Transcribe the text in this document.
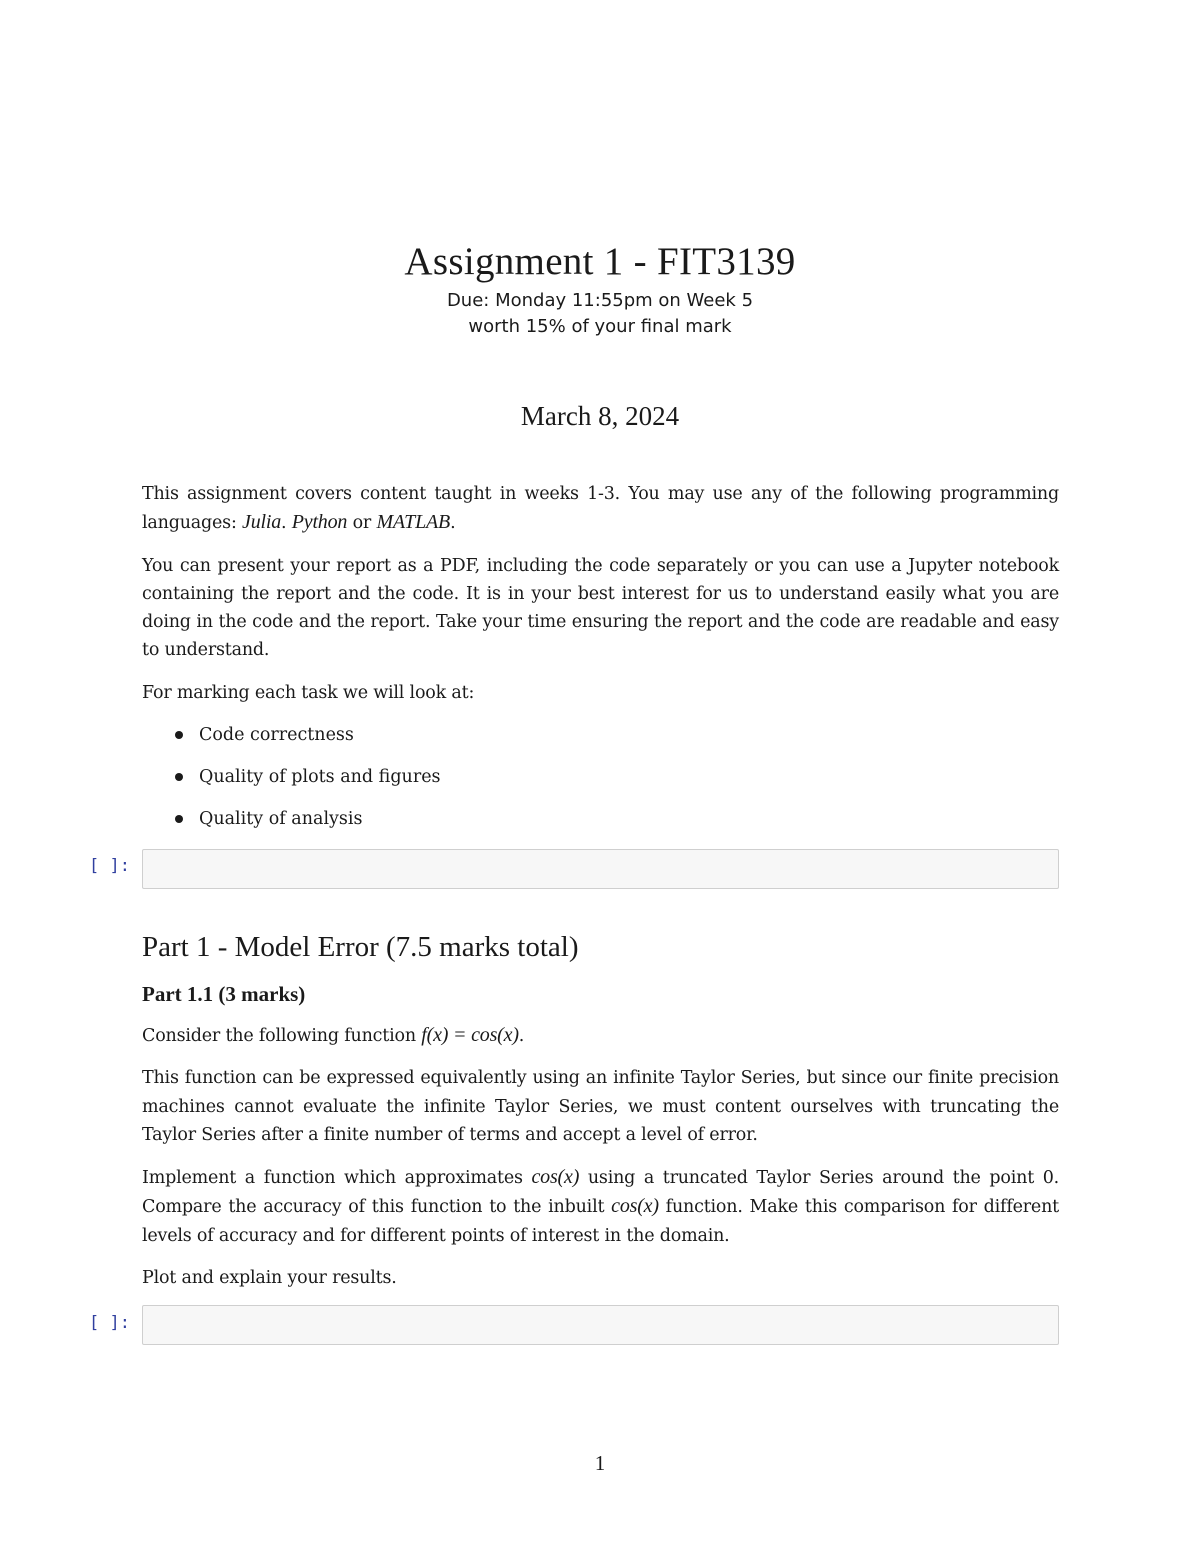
Assignment 1 - FIT3139
Due: Monday 11:55pm on Week 5
worth 15% of your final mark
March 8, 2024

This assignment covers content taught in weeks 1-3. You may use any of the following programming languages: Julia. Python or MATLAB.

You can present your report as a PDF, including the code separately or you can use a Jupyter notebook containing the report and the code. It is in your best interest for us to understand easily what you are doing in the code and the report. Take your time ensuring the report and the code are readable and easy to understand.

For marking each task we will look at:

Code correctness
Quality of plots and figures
Quality of analysis
[ ]:
Part 1 - Model Error (7.5 marks total)
Part 1.1 (3 marks)

Consider the following function f(x) = cos(x).

This function can be expressed equivalently using an infinite Taylor Series, but since our finite precision machines cannot evaluate the infinite Taylor Series, we must content ourselves with truncating the Taylor Series after a finite number of terms and accept a level of error.

Implement a function which approximates cos(x) using a truncated Taylor Series around the point 0. Compare the accuracy of this function to the inbuilt cos(x) function. Make this comparison for different levels of accuracy and for different points of interest in the domain.

Plot and explain your results.

[ ]:
1
